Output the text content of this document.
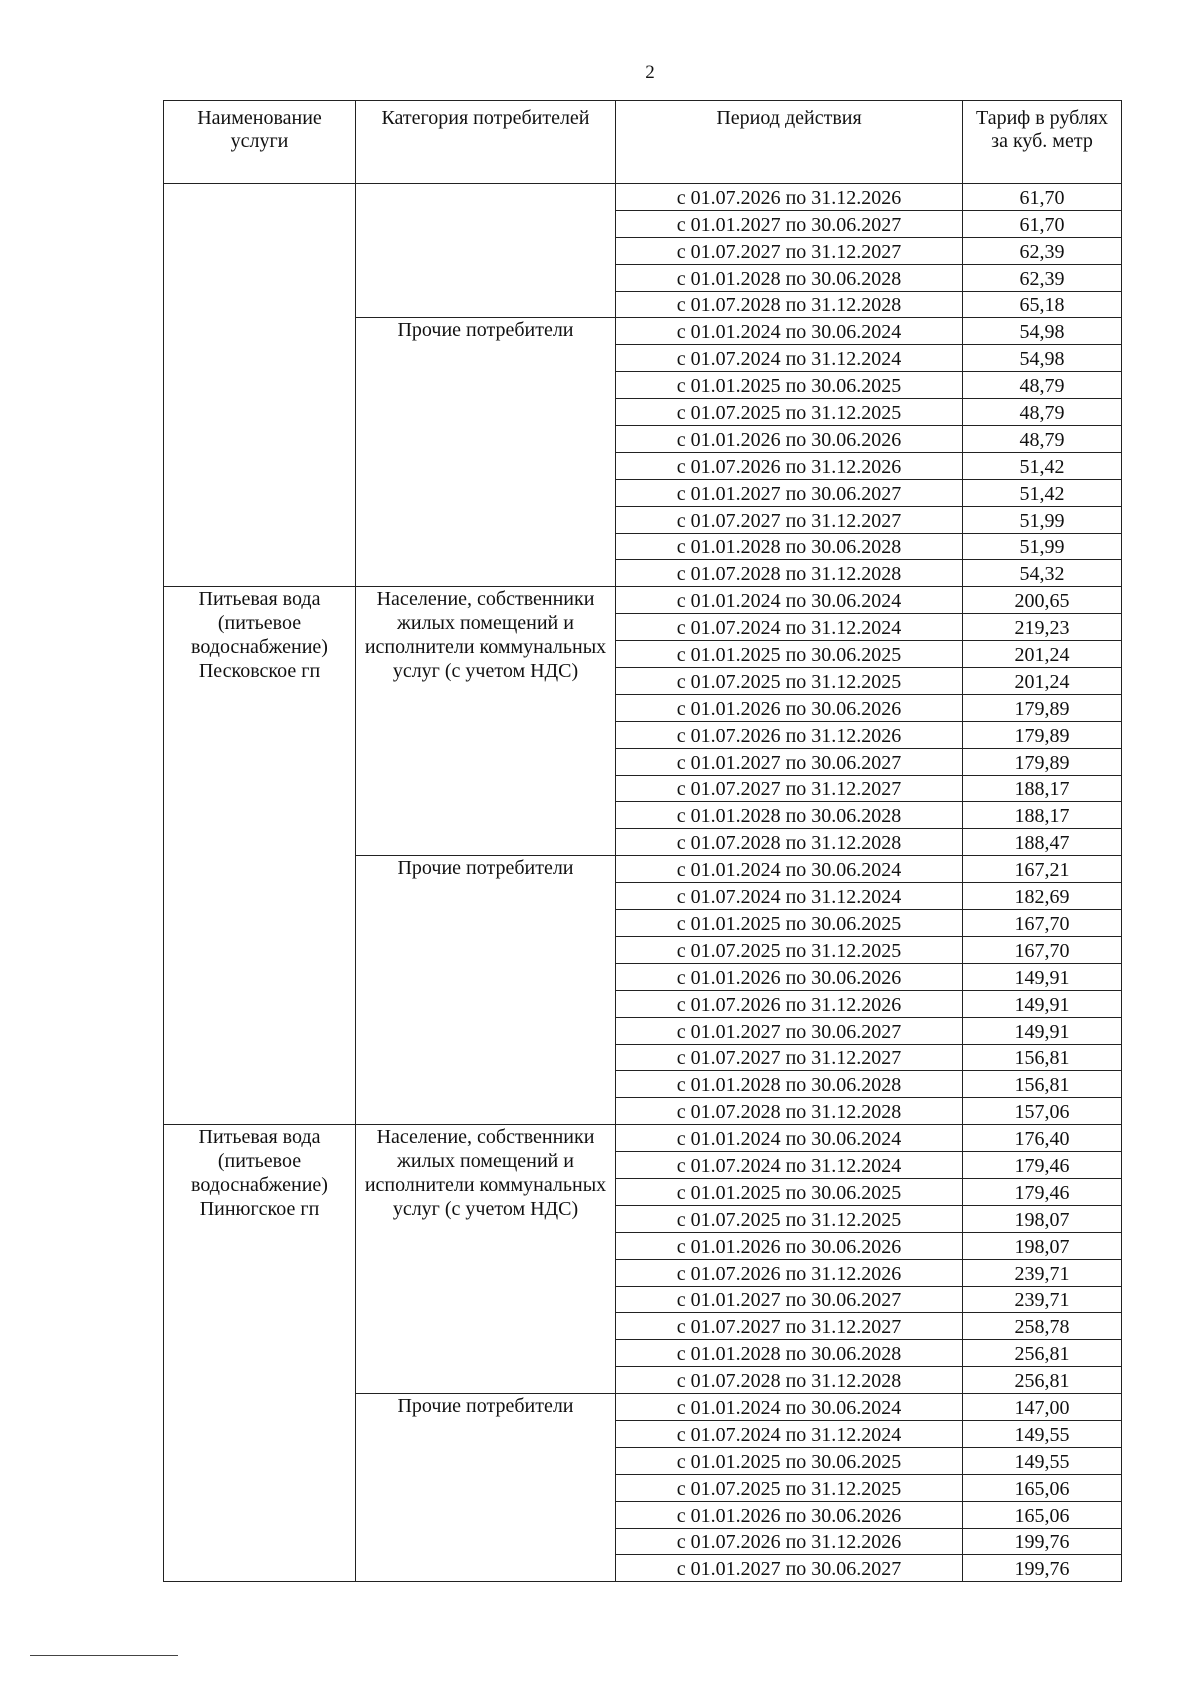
2
Наименование услуги	Категория потребителей	Период действия	Тариф в рублях за куб. метр
		с 01.07.2026 по 31.12.2026	61,70
		с 01.01.2027 по 30.06.2027	61,70
		с 01.07.2027 по 31.12.2027	62,39
		с 01.01.2028 по 30.06.2028	62,39
		с 01.07.2028 по 31.12.2028	65,18
	Прочие потребители	с 01.01.2024 по 30.06.2024	54,98
		с 01.07.2024 по 31.12.2024	54,98
		с 01.01.2025 по 30.06.2025	48,79
		с 01.07.2025 по 31.12.2025	48,79
		с 01.01.2026 по 30.06.2026	48,79
		с 01.07.2026 по 31.12.2026	51,42
		с 01.01.2027 по 30.06.2027	51,42
		с 01.07.2027 по 31.12.2027	51,99
		с 01.01.2028 по 30.06.2028	51,99
		с 01.07.2028 по 31.12.2028	54,32
Питьевая вода (питьевое водоснабжение) Песковское гп	Население, собственники жилых помещений и исполнители коммунальных услуг (с учетом НДС)	с 01.01.2024 по 30.06.2024	200,65
		с 01.07.2024 по 31.12.2024	219,23
		с 01.01.2025 по 30.06.2025	201,24
		с 01.07.2025 по 31.12.2025	201,24
		с 01.01.2026 по 30.06.2026	179,89
		с 01.07.2026 по 31.12.2026	179,89
		с 01.01.2027 по 30.06.2027	179,89
		с 01.07.2027 по 31.12.2027	188,17
		с 01.01.2028 по 30.06.2028	188,17
		с 01.07.2028 по 31.12.2028	188,47
	Прочие потребители	с 01.01.2024 по 30.06.2024	167,21
		с 01.07.2024 по 31.12.2024	182,69
		с 01.01.2025 по 30.06.2025	167,70
		с 01.07.2025 по 31.12.2025	167,70
		с 01.01.2026 по 30.06.2026	149,91
		с 01.07.2026 по 31.12.2026	149,91
		с 01.01.2027 по 30.06.2027	149,91
		с 01.07.2027 по 31.12.2027	156,81
		с 01.01.2028 по 30.06.2028	156,81
		с 01.07.2028 по 31.12.2028	157,06
Питьевая вода (питьевое водоснабжение) Пинюгское гп	Население, собственники жилых помещений и исполнители коммунальных услуг (с учетом НДС)	с 01.01.2024 по 30.06.2024	176,40
		с 01.07.2024 по 31.12.2024	179,46
		с 01.01.2025 по 30.06.2025	179,46
		с 01.07.2025 по 31.12.2025	198,07
		с 01.01.2026 по 30.06.2026	198,07
		с 01.07.2026 по 31.12.2026	239,71
		с 01.01.2027 по 30.06.2027	239,71
		с 01.07.2027 по 31.12.2027	258,78
		с 01.01.2028 по 30.06.2028	256,81
		с 01.07.2028 по 31.12.2028	256,81
	Прочие потребители	с 01.01.2024 по 30.06.2024	147,00
		с 01.07.2024 по 31.12.2024	149,55
		с 01.01.2025 по 30.06.2025	149,55
		с 01.07.2025 по 31.12.2025	165,06
		с 01.01.2026 по 30.06.2026	165,06
		с 01.07.2026 по 31.12.2026	199,76
		с 01.01.2027 по 30.06.2027	199,76
